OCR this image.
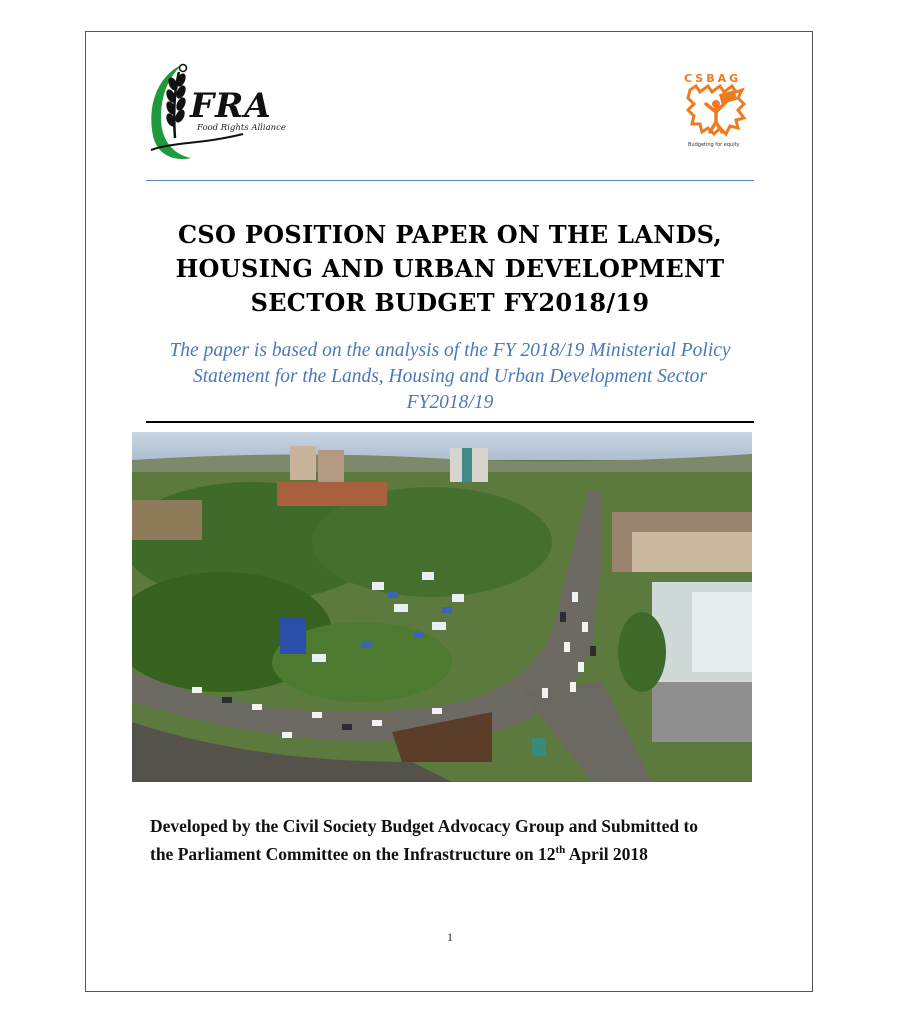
FRA
Food Rights Alliance
CSBAG
Budgeting for equity
CSO POSITION PAPER ON THE LANDS,
HOUSING AND URBAN DEVELOPMENT
SECTOR BUDGET FY2018/19
The paper is based on the analysis of the FY 2018/19 Ministerial Policy
Statement for the Lands, Housing and Urban Development Sector
FY2018/19
Developed by the Civil Society Budget Advocacy Group and Submitted to
the Parliament Committee on the Infrastructure on 12th April 2018
1
